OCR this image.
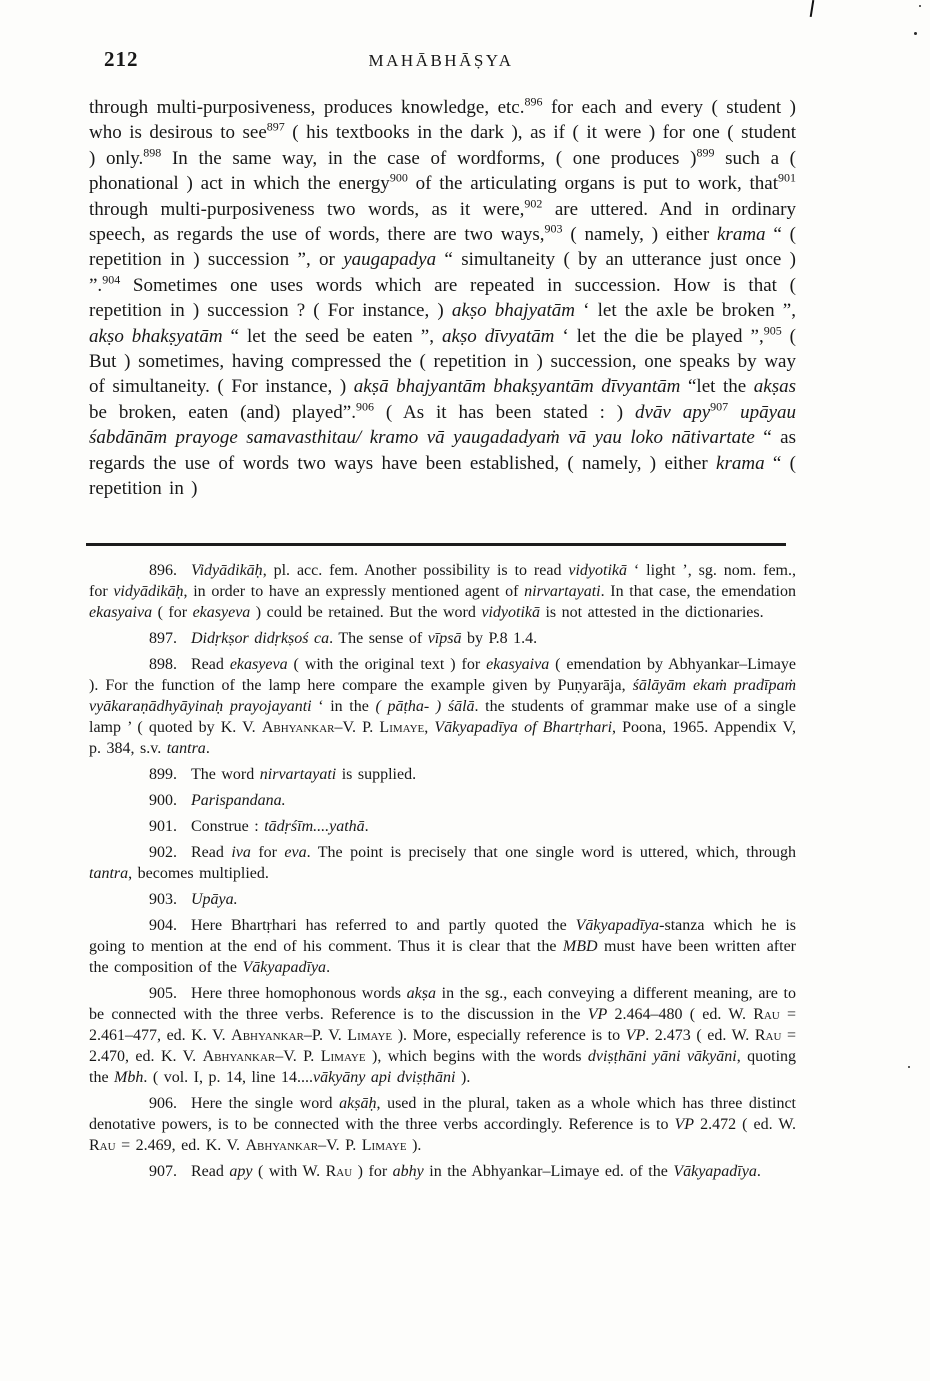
212	MAHĀBHĀṢYA
through multi-purposiveness, produces knowledge, etc.$^{896}$ for each and every ( student ) who is desirous to see$^{897}$ ( his textbooks in the dark ), as if ( it were ) for one ( student ) only.$^{898}$ In the same way, in the case of wordforms, ( one produces )$^{899}$ such a ( phonational ) act in which the energy$^{900}$ of the articulating organs is put to work, that$^{901}$ through multi-purposiveness two words, as it were,$^{902}$ are uttered. And in ordinary speech, as regards the use of words, there are two ways,$^{903}$ ( namely, ) either krama “ ( repetition in ) succession ”, or yaugapadya “ simultaneity ( by an utterance just once ) ”.$^{904}$ Sometimes one uses words which are repeated in succession. How is that ( repetition in ) succession ? ( For instance, ) akṣo bhajyatām ‘ let the axle be broken ”, akṣo bhakṣyatām “ let the seed be eaten ”, akṣo dīvyatām ‘ let the die be played ”,$^{905}$ ( But ) sometimes, having compressed the ( repetition in ) succession, one speaks by way of simultaneity. ( For instance, ) akṣā bhajyantām bhakṣyantām dīvyantām “let the akṣas be broken, eaten (and) played”.$^{906}$ ( As it has been stated : ) dvāv apy$^{907}$ upāyau śabdānām prayoge samavasthitau/ kramo vā yaugadadyaṁ vā yau loko nātivartate “ as regards the use of words two ways have been established, ( namely, ) either krama “ ( repetition in )

896. Vidyādikāḥ, pl. acc. fem. Another possibility is to read vidyotikā ‘ light ’, sg. nom. fem., for vidyādikāḥ, in order to have an expressly mentioned agent of nirvartayati. In that case, the emendation ekasyaiva ( for ekasyeva ) could be retained. But the word vidyotikā is not attested in the dictionaries.

897. Didṛkṣor didṛkṣoś ca. The sense of vīpsā by P.8 1.4.

898. Read ekasyeva ( with the original text ) for ekasyaiva ( emendation by Abhyankar–Limaye ). For the function of the lamp here compare the example given by Puṇyarāja, śālāyām ekaṁ pradīpaṁ vyākaraṇādhyāyinaḥ prayojayanti ‘ in the ( pāṭha- ) śālā. the students of grammar make use of a single lamp ’ ( quoted by K. V. Abhyankar–V. P. Limaye, Vākyapadīya of Bhartṛhari, Poona, 1965. Appendix V, p. 384, s.v. tantra.

899. The word nirvartayati is supplied.

900. Parispandana.

901. Construe : tādṛśīm....yathā.

902. Read iva for eva. The point is precisely that one single word is uttered, which, through tantra, becomes multiplied.

903. Upāya.

904. Here Bhartṛhari has referred to and partly quoted the Vākyapadīya-stanza which he is going to mention at the end of his comment. Thus it is clear that the MBD must have been written after the composition of the Vākyapadīya.

905. Here three homophonous words akṣa in the sg., each conveying a different meaning, are to be connected with the three verbs. Reference is to the discussion in the VP 2.464–480 ( ed. W. Rau = 2.461–477, ed. K. V. Abhyankar–P. V. Limaye ). More, especially reference is to VP. 2.473 ( ed. W. Rau = 2.470, ed. K. V. Abhyankar–V. P. Limaye ), which begins with the words dviṣṭhāni yāni vākyāni, quoting the Mbh. ( vol. I, p. 14, line 14....vākyāny api dviṣṭhāni ).

906. Here the single word akṣāḥ, used in the plural, taken as a whole which has three distinct denotative powers, is to be connected with the three verbs accordingly. Reference is to VP 2.472 ( ed. W. Rau = 2.469, ed. K. V. Abhyankar–V. P. Limaye ).

907. Read apy ( with W. Rau ) for abhy in the Abhyankar–Limaye ed. of the Vākyapadīya.
